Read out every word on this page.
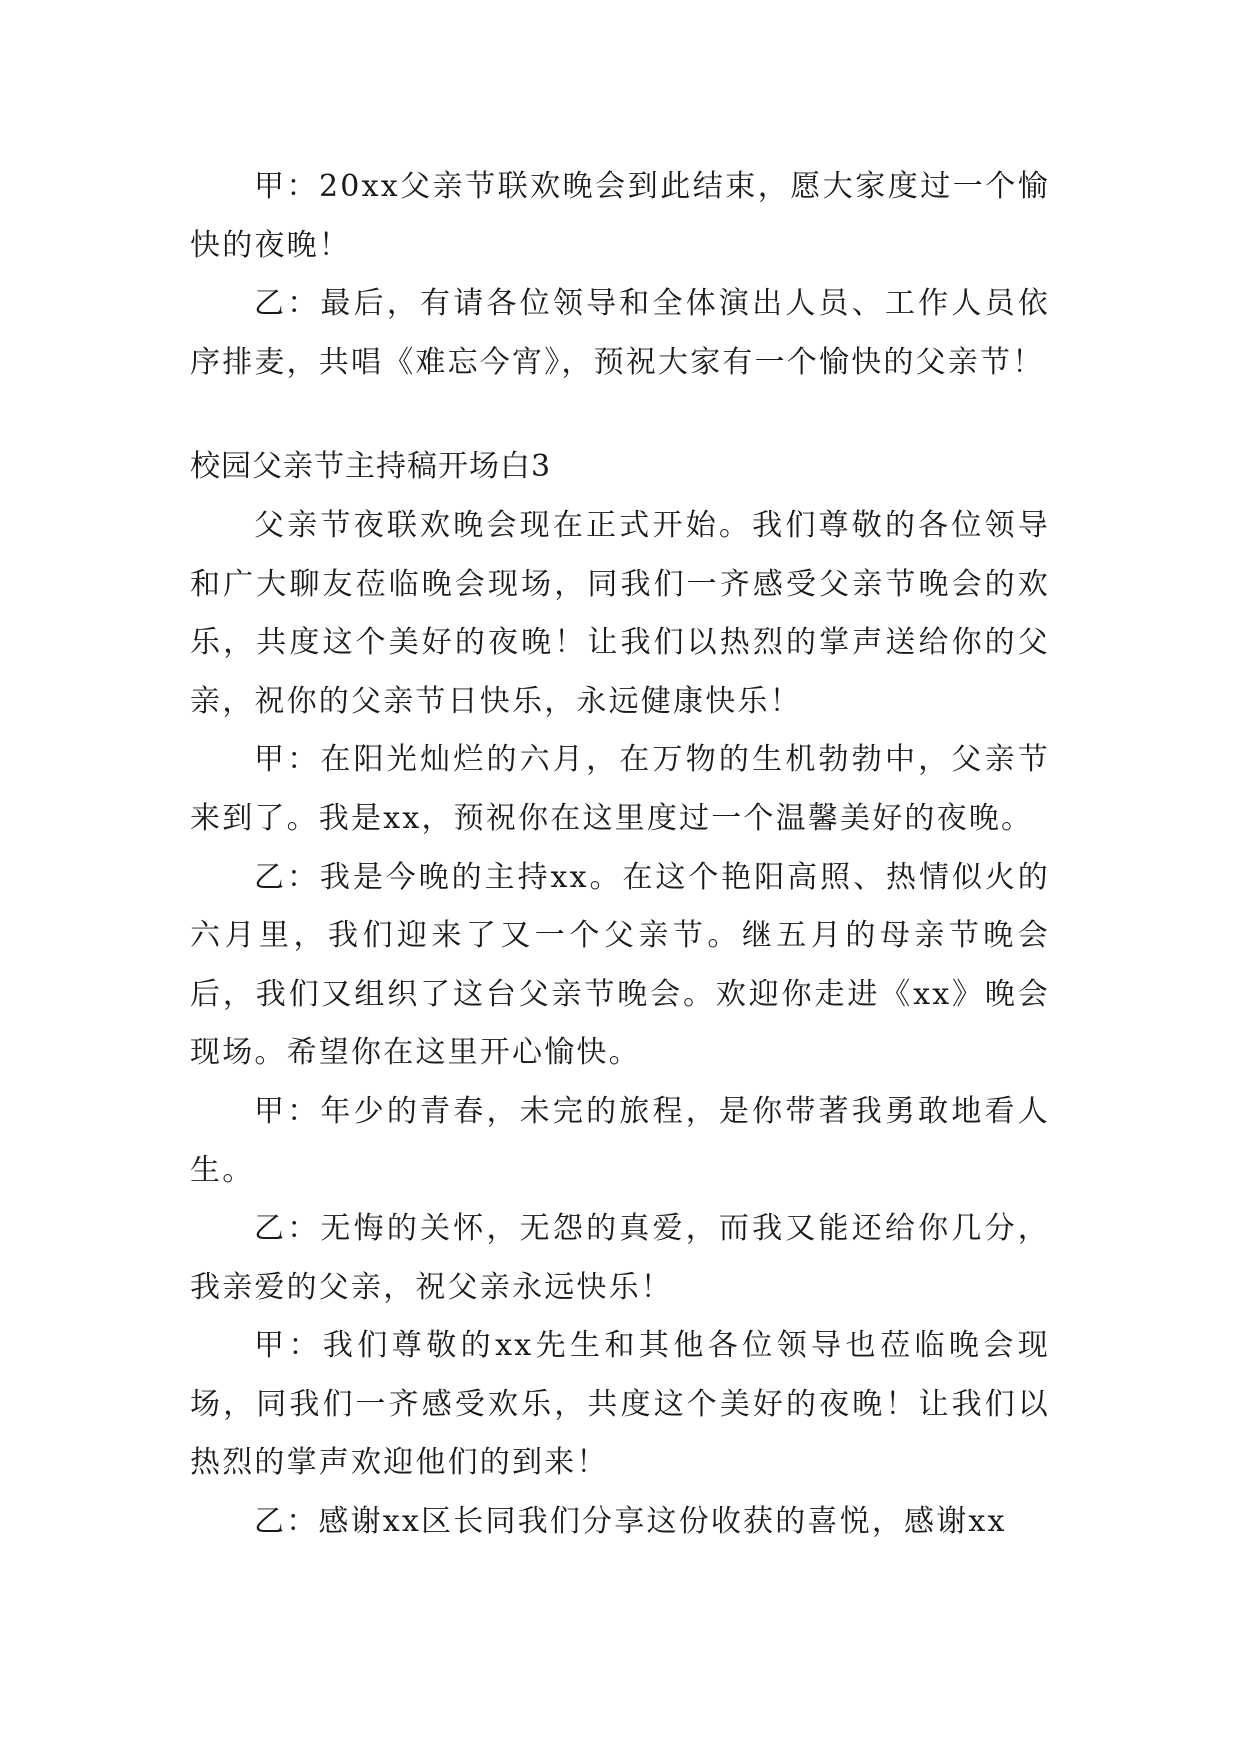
甲：20xx父亲节联欢晚会到此结束，愿大家度过一个愉快的夜晚！

乙：最后，有请各位领导和全体演出人员、工作人员依序排麦，共唱《难忘今宵》，预祝大家有一个愉快的父亲节！

校园父亲节主持稿开场白3

父亲节夜联欢晚会现在正式开始。我们尊敬的各位领导和广大聊友莅临晚会现场，同我们一齐感受父亲节晚会的欢乐，共度这个美好的夜晚！让我们以热烈的掌声送给你的父亲，祝你的父亲节日快乐，永远健康快乐！

甲：在阳光灿烂的六月，在万物的生机勃勃中，父亲节来到了。我是xx，预祝你在这里度过一个温馨美好的夜晚。

乙：我是今晚的主持xx。在这个艳阳高照、热情似火的六月里，我们迎来了又一个父亲节。继五月的母亲节晚会后，我们又组织了这台父亲节晚会。欢迎你走进《xx》晚会现场。希望你在这里开心愉快。

甲：年少的青春，未完的旅程，是你带著我勇敢地看人生。

乙：无悔的关怀，无怨的真爱，而我又能还给你几分，我亲爱的父亲，祝父亲永远快乐！

甲：我们尊敬的xx先生和其他各位领导也莅临晚会现场，同我们一齐感受欢乐，共度这个美好的夜晚！让我们以热烈的掌声欢迎他们的到来！

乙：感谢xx区长同我们分享这份收获的喜悦，感谢xx
